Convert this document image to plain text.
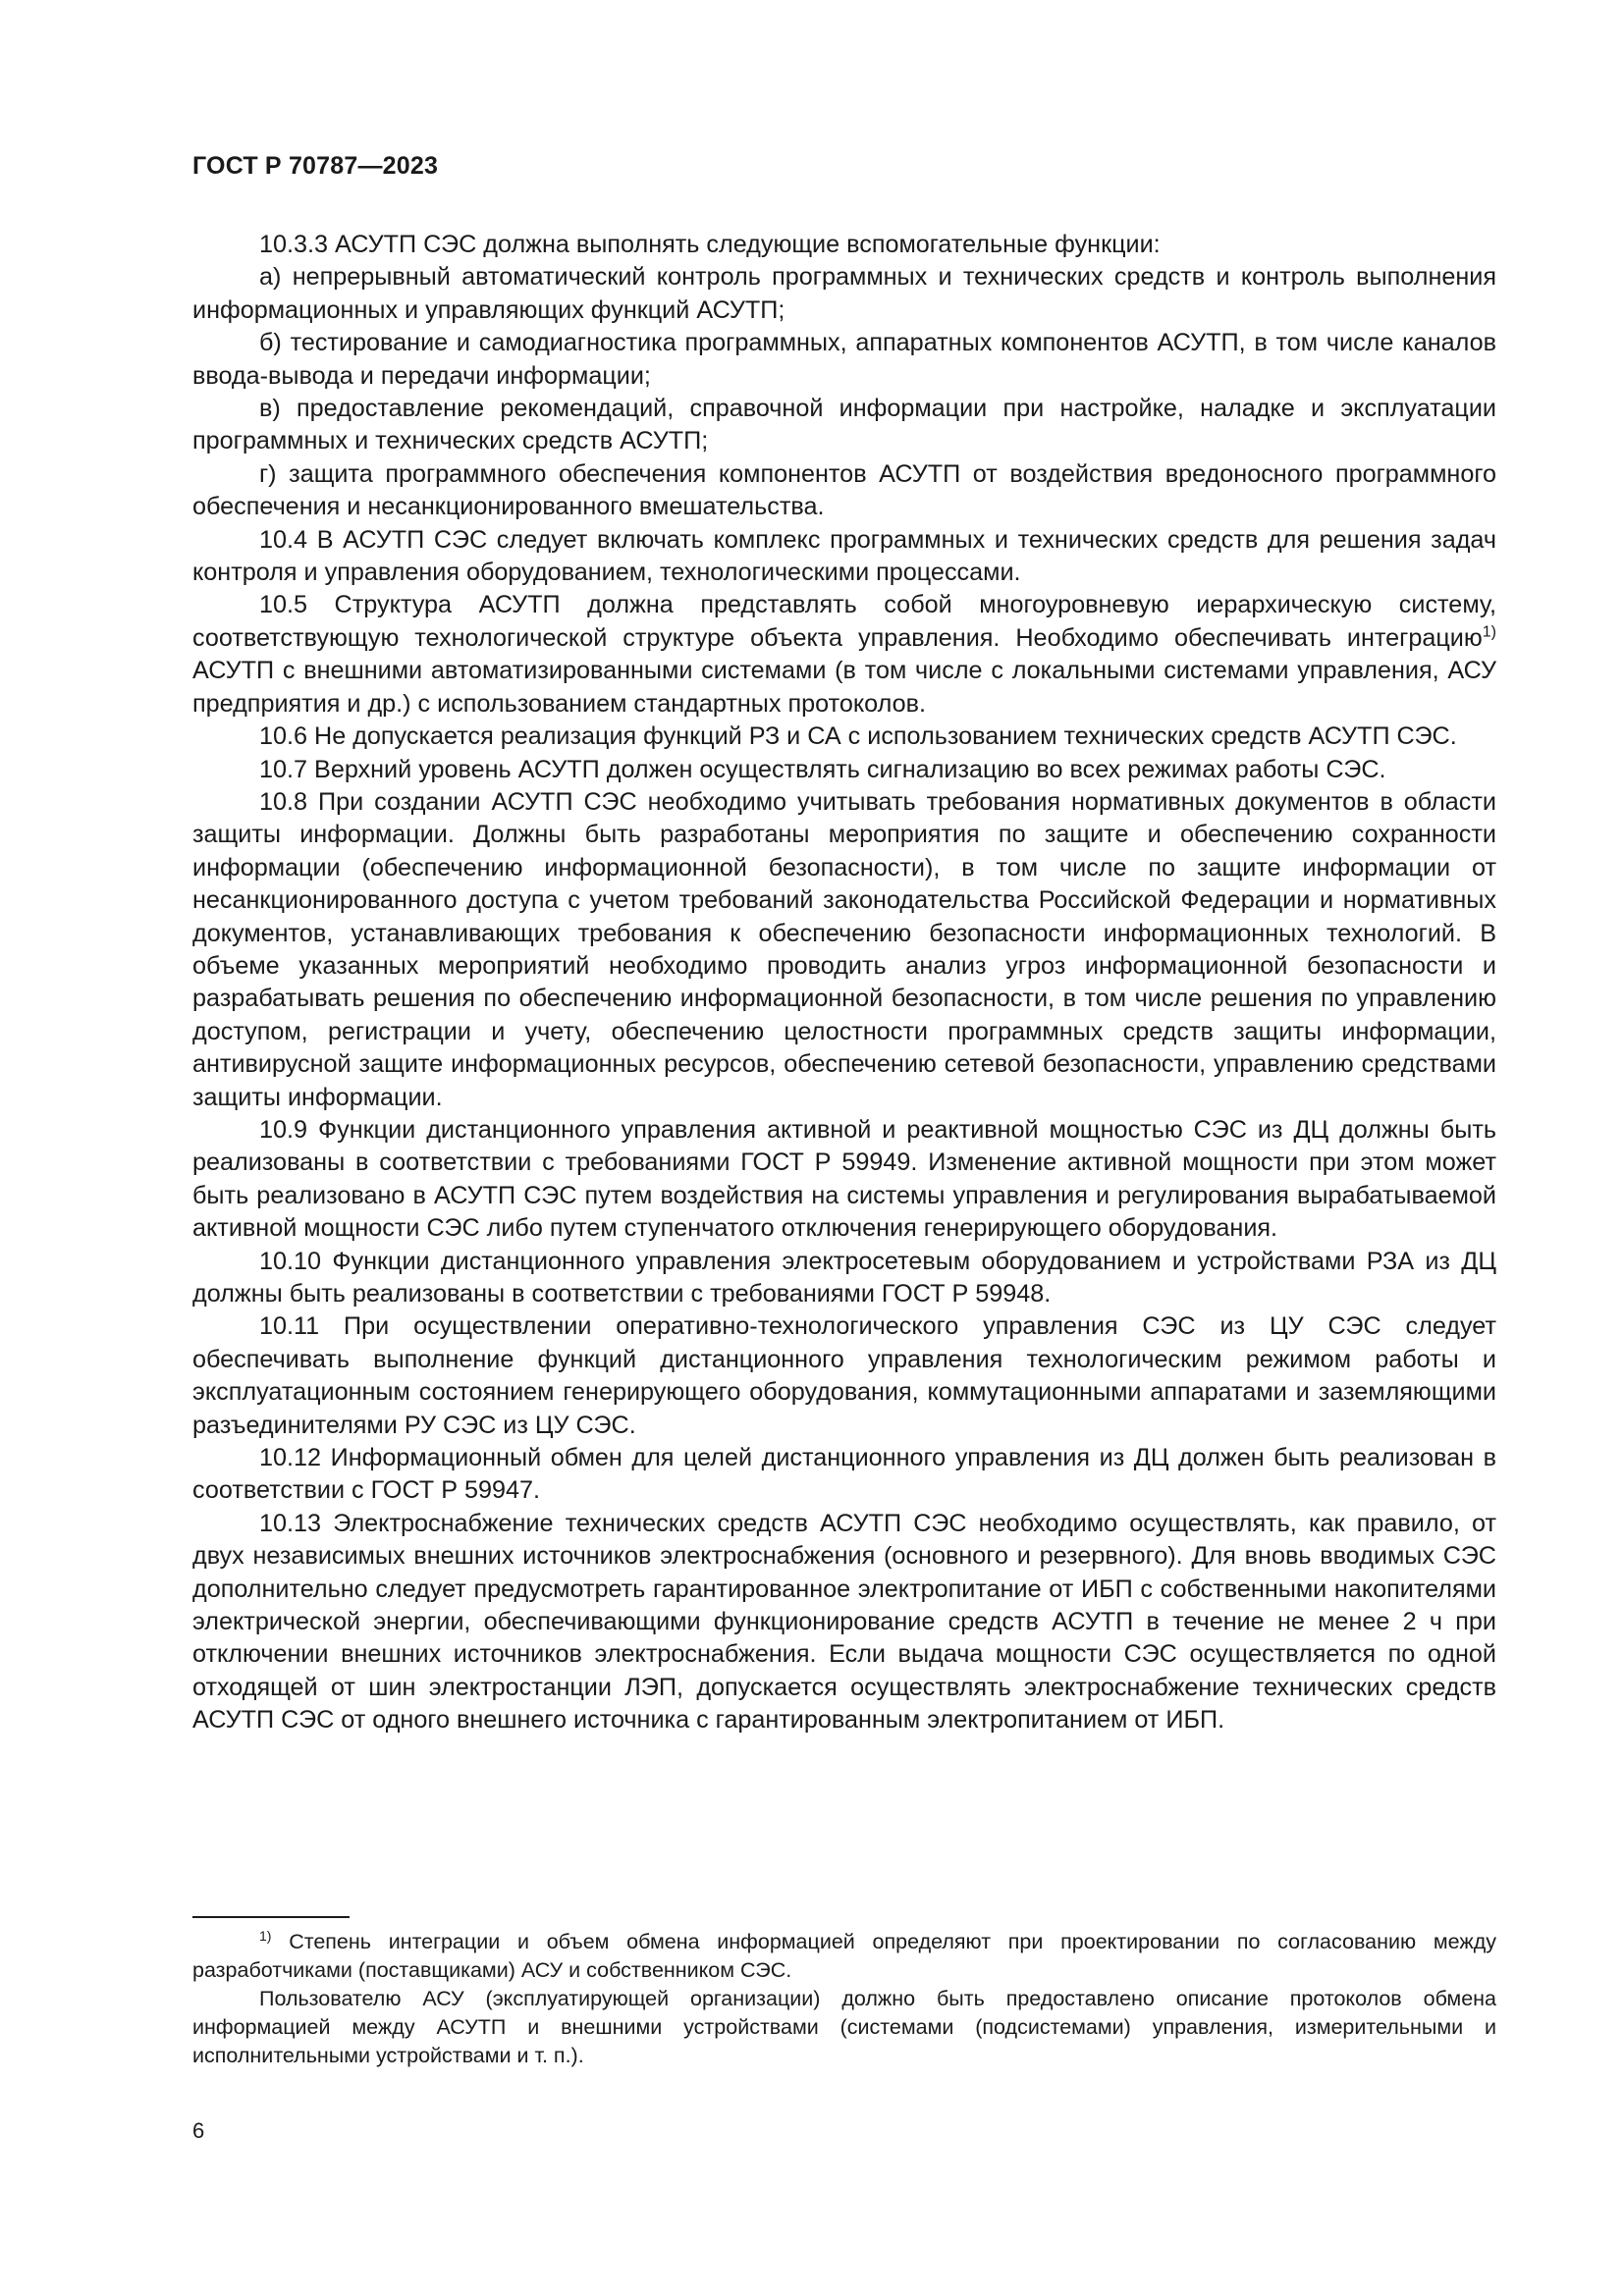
ГОСТ Р 70787—2023

10.3.3 АСУТП СЭС должна выполнять следующие вспомогательные функции:

а) непрерывный автоматический контроль программных и технических средств и контроль выполнения информационных и управляющих функций АСУТП;

б) тестирование и самодиагностика программных, аппаратных компонентов АСУТП, в том числе каналов ввода-вывода и передачи информации;

в) предоставление рекомендаций, справочной информации при настройке, наладке и эксплуатации программных и технических средств АСУТП;

г) защита программного обеспечения компонентов АСУТП от воздействия вредоносного программного обеспечения и несанкционированного вмешательства.

10.4 В АСУТП СЭС следует включать комплекс программных и технических средств для решения задач контроля и управления оборудованием, технологическими процессами.

10.5 Структура АСУТП должна представлять собой многоуровневую иерархическую систему, соответствующую технологической структуре объекта управления. Необходимо обеспечивать интеграцию$^{1)}$ АСУТП с внешними автоматизированными системами (в том числе с локальными системами управления, АСУ предприятия и др.) с использованием стандартных протоколов.

10.6 Не допускается реализация функций РЗ и СА с использованием технических средств АСУТП СЭС.

10.7 Верхний уровень АСУТП должен осуществлять сигнализацию во всех режимах работы СЭС.

10.8 При создании АСУТП СЭС необходимо учитывать требования нормативных документов в области защиты информации. Должны быть разработаны мероприятия по защите и обеспечению сохранности информации (обеспечению информационной безопасности), в том числе по защите информации от несанкционированного доступа с учетом требований законодательства Российской Федерации и нормативных документов, устанавливающих требования к обеспечению безопасности информационных технологий. В объеме указанных мероприятий необходимо проводить анализ угроз информационной безопасности и разрабатывать решения по обеспечению информационной безопасности, в том числе решения по управлению доступом, регистрации и учету, обеспечению целостности программных средств защиты информации, антивирусной защите информационных ресурсов, обеспечению сетевой безопасности, управлению средствами защиты информации.

10.9 Функции дистанционного управления активной и реактивной мощностью СЭС из ДЦ должны быть реализованы в соответствии с требованиями ГОСТ Р 59949. Изменение активной мощности при этом может быть реализовано в АСУТП СЭС путем воздействия на системы управления и регулирования вырабатываемой активной мощности СЭС либо путем ступенчатого отключения генерирующего оборудования.

10.10 Функции дистанционного управления электросетевым оборудованием и устройствами РЗА из ДЦ должны быть реализованы в соответствии с требованиями ГОСТ Р 59948.

10.11 При осуществлении оперативно-технологического управления СЭС из ЦУ СЭС следует обеспечивать выполнение функций дистанционного управления технологическим режимом работы и эксплуатационным состоянием генерирующего оборудования, коммутационными аппаратами и заземляющими разъединителями РУ СЭС из ЦУ СЭС.

10.12 Информационный обмен для целей дистанционного управления из ДЦ должен быть реализован в соответствии с ГОСТ Р 59947.

10.13 Электроснабжение технических средств АСУТП СЭС необходимо осуществлять, как правило, от двух независимых внешних источников электроснабжения (основного и резервного). Для вновь вводимых СЭС дополнительно следует предусмотреть гарантированное электропитание от ИБП с собственными накопителями электрической энергии, обеспечивающими функционирование средств АСУТП в течение не менее 2 ч при отключении внешних источников электроснабжения. Если выдача мощности СЭС осуществляется по одной отходящей от шин электростанции ЛЭП, допускается осуществлять электроснабжение технических средств АСУТП СЭС от одного внешнего источника с гарантированным электропитанием от ИБП.

$^{1)}$ Степень интеграции и объем обмена информацией определяют при проектировании по согласованию между разработчиками (поставщиками) АСУ и собственником СЭС.

Пользователю АСУ (эксплуатирующей организации) должно быть предоставлено описание протоколов обмена информацией между АСУТП и внешними устройствами (системами (подсистемами) управления, измерительными и исполнительными устройствами и т. п.).

6
